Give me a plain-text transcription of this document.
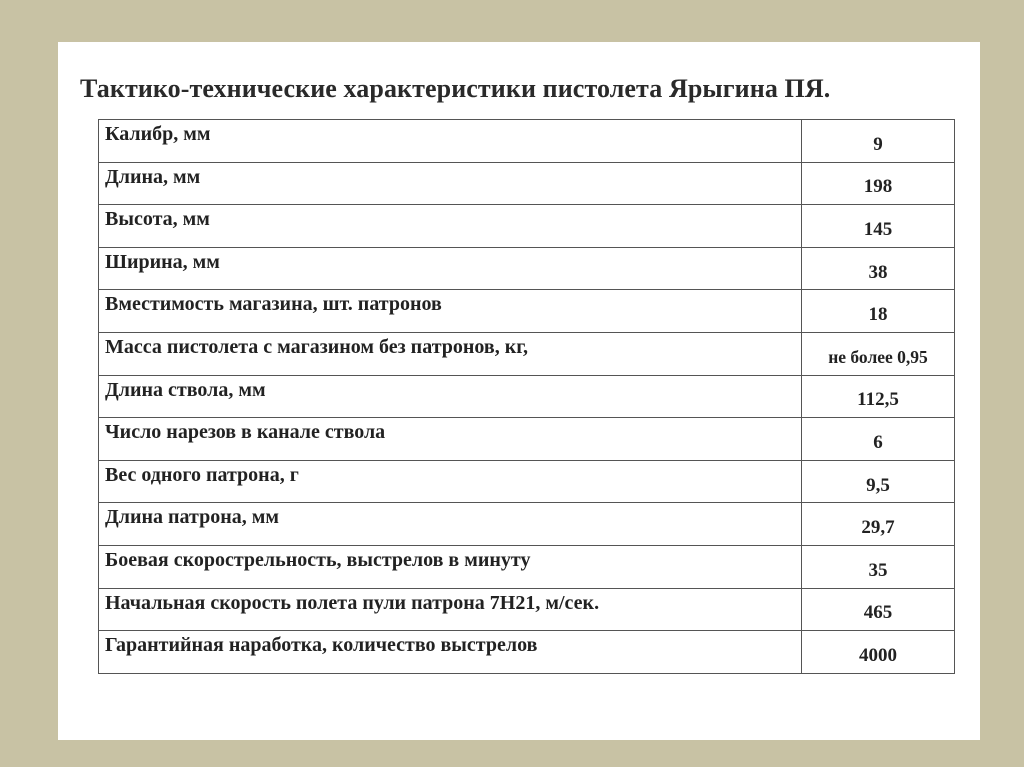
Тактико-технические характеристики пистолета Ярыгина ПЯ.
Калибр, мм	9
Длина, мм	198
Высота, мм	145
Ширина, мм	38
Вместимость магазина, шт. патронов	18
Масса пистолета с магазином без патронов, кг,	не более 0,95
Длина ствола, мм	112,5
Число нарезов в канале ствола	6
Вес одного патрона, г	9,5
Длина патрона, мм	29,7
Боевая скорострельность, выстрелов в минуту	35
Начальная скорость полета пули патрона 7Н21, м/сек.	465
Гарантийная наработка, количество выстрелов	4000
